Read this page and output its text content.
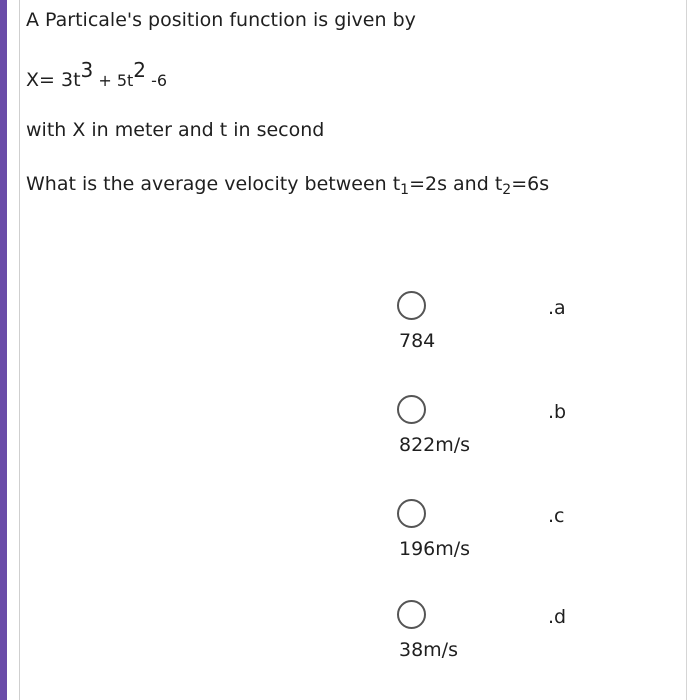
A Particale's position function is given by
X= 3t3 + 5t2 -6
with X in meter and t in second
What is the average velocity between $t_1=2s$ and $t_2=6s$
.a
784
.b
822m/s
.c
196m/s
.d
38m/s
